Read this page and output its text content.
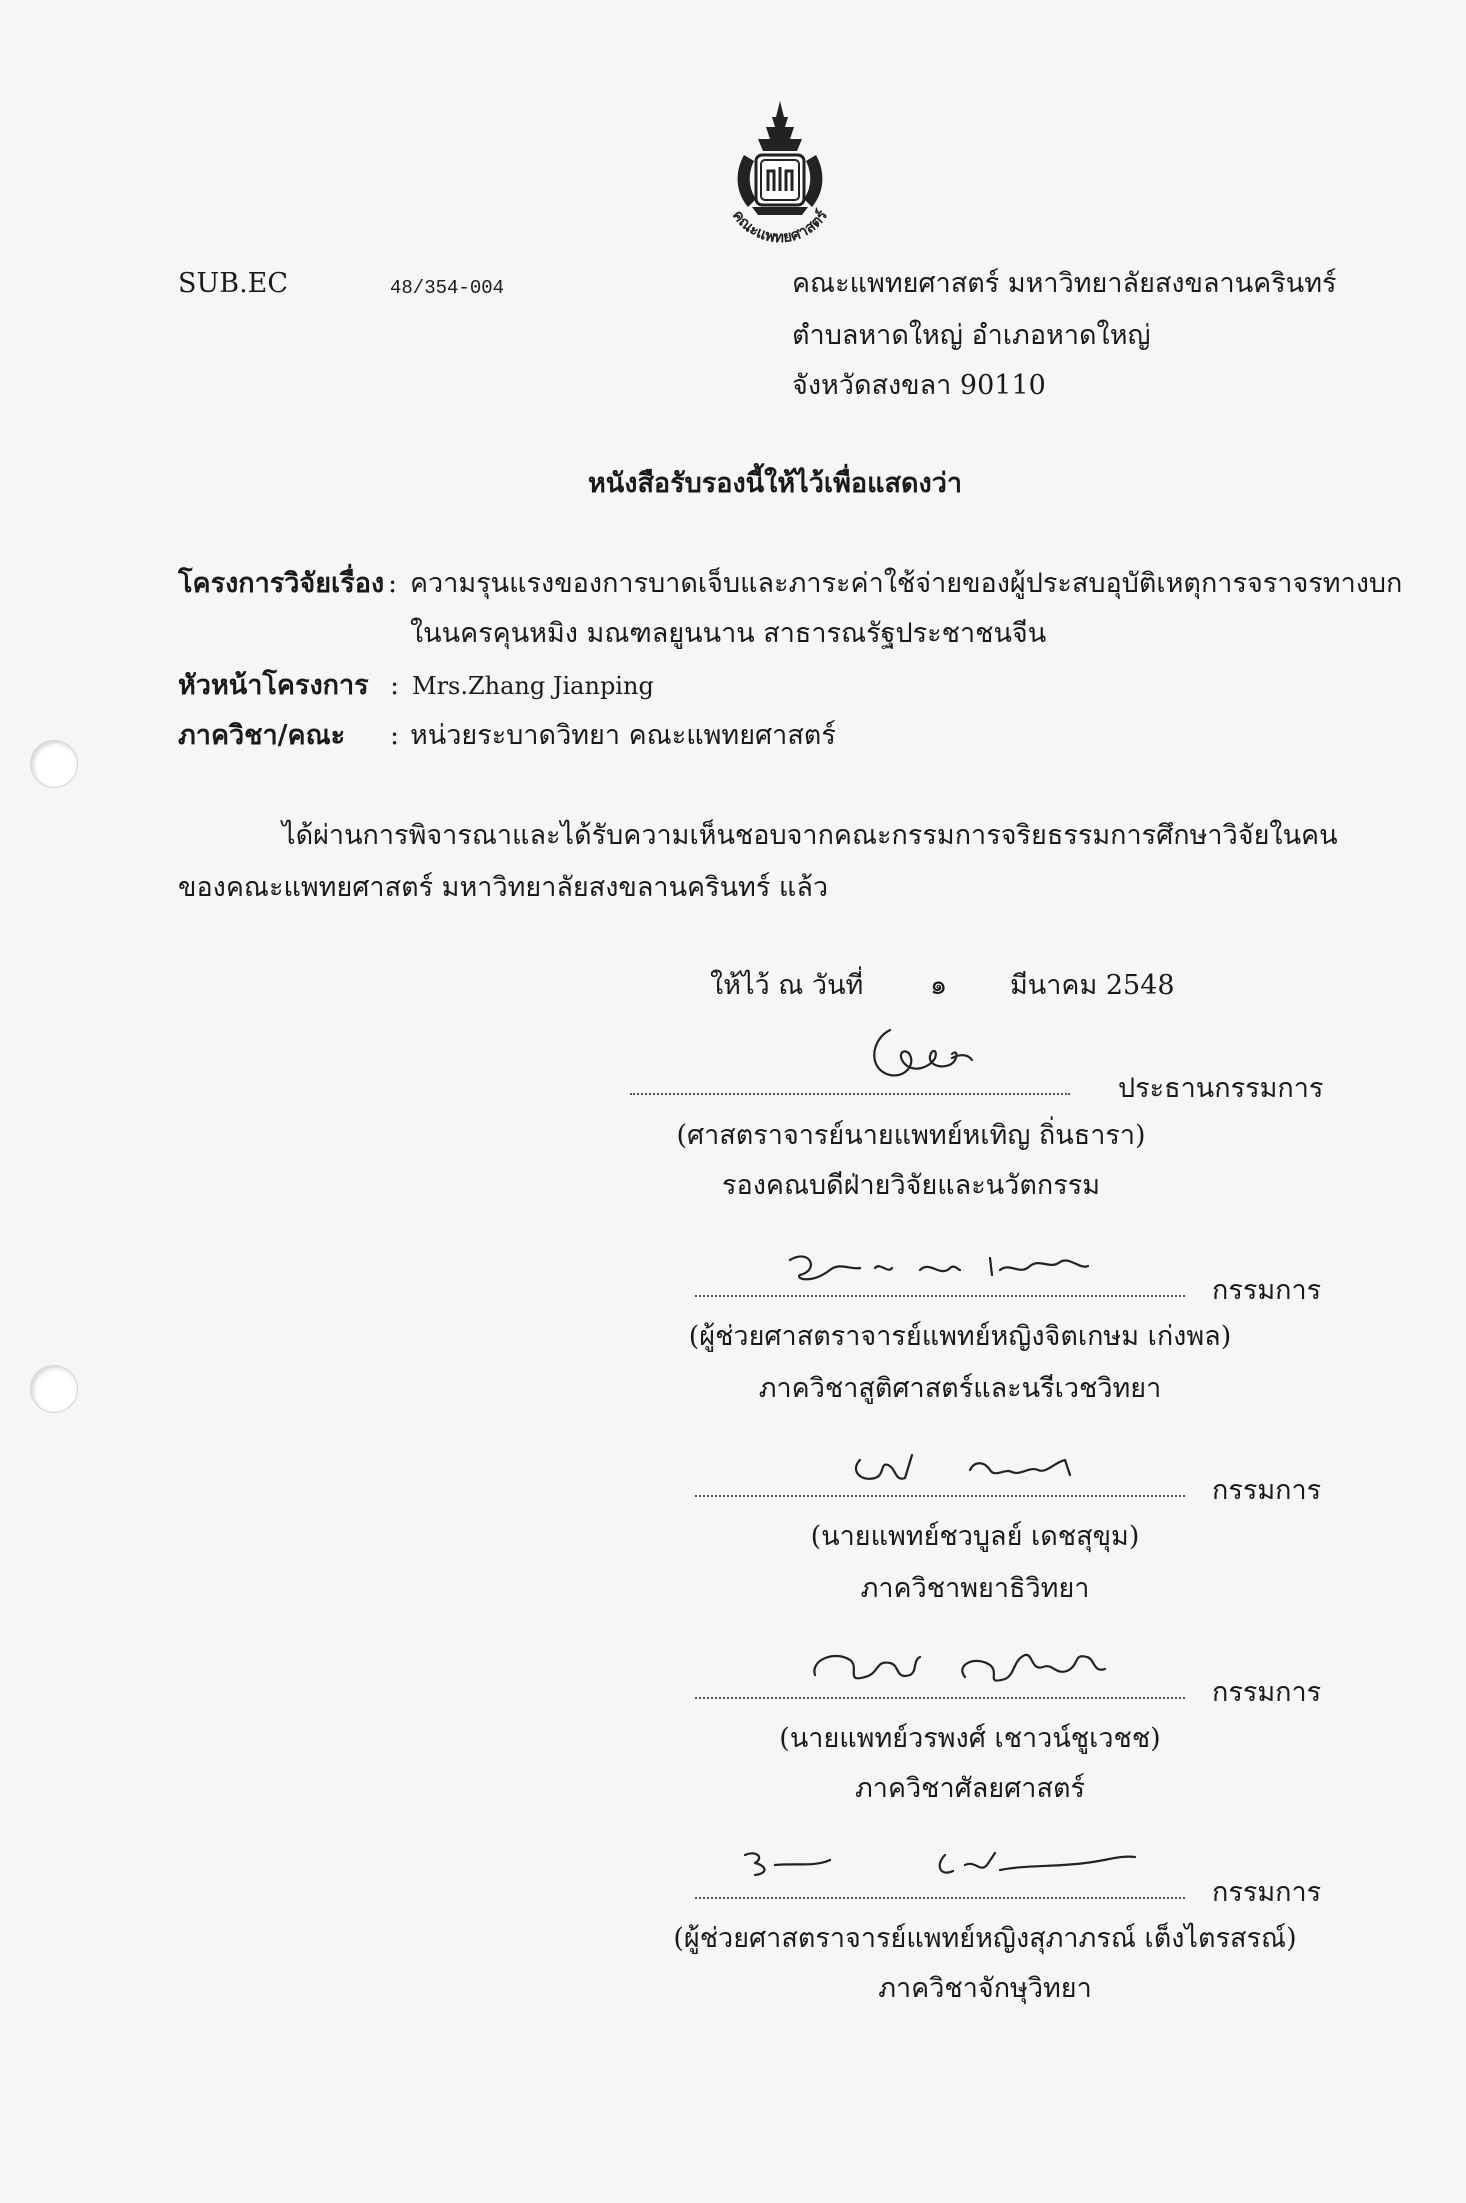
คณะแพทยศาสตร์
SUB.EC	48/354-004	คณะแพทยศาสตร์ มหาวิทยาลัยสงขลานครินทร์
ตำบลหาดใหญ่ อำเภอหาดใหญ่
จังหวัดสงขลา 90110
หนังสือรับรองนี้ให้ไว้เพื่อแสดงว่า
โครงการวิจัยเรื่อง : ความรุนแรงของการบาดเจ็บและภาระค่าใช้จ่ายของผู้ประสบอุบัติเหตุการจราจรทางบก
ในนครคุนหมิง มณฑลยูนนาน สาธารณรัฐประชาชนจีน
หัวหน้าโครงการ : Mrs.Zhang Jianping
ภาควิชา/คณะ : หน่วยระบาดวิทยา คณะแพทยศาสตร์
ได้ผ่านการพิจารณาและได้รับความเห็นชอบจากคณะกรรมการจริยธรรมการศึกษาวิจัยในคน
ของคณะแพทยศาสตร์ มหาวิทยาลัยสงขลานครินทร์ แล้ว
ให้ไว้ ณ วันที่ ๑ มีนาคม 2548
ประธานกรรมการ
(ศาสตราจารย์นายแพทย์หเทิญ ถิ่นธารา)
รองคณบดีฝ่ายวิจัยและนวัตกรรม
กรรมการ
(ผู้ช่วยศาสตราจารย์แพทย์หญิงจิตเกษม เก่งพล)
ภาควิชาสูติศาสตร์และนรีเวชวิทยา
กรรมการ
(นายแพทย์ชวบูลย์ เดชสุขุม)
ภาควิชาพยาธิวิทยา
กรรมการ
(นายแพทย์วรพงศ์ เชาวน์ชูเวชช)
ภาควิชาศัลยศาสตร์
กรรมการ
(ผู้ช่วยศาสตราจารย์แพทย์หญิงสุภาภรณ์ เต็งไตรสรณ์)
ภาควิชาจักษุวิทยา
